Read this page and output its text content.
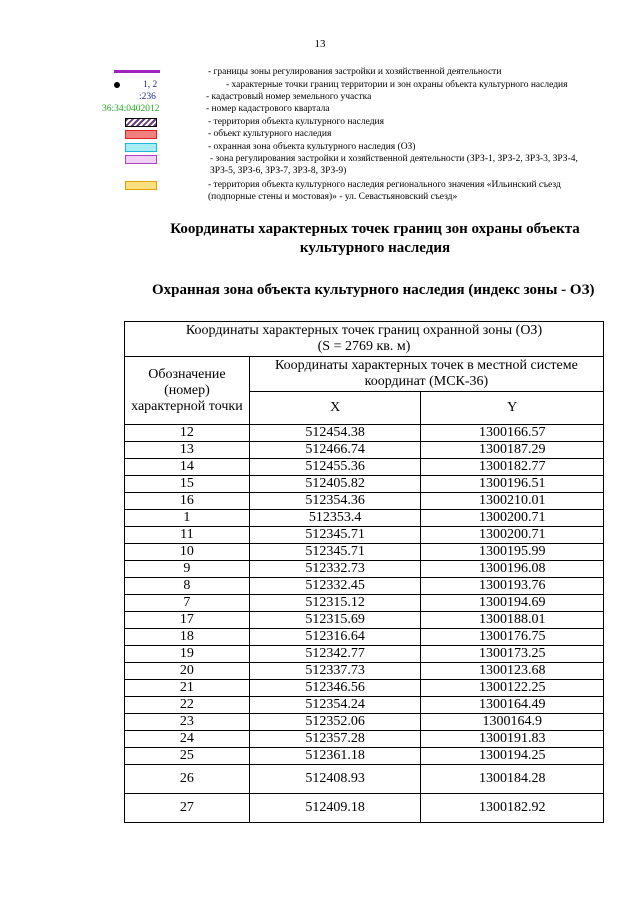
13
- границы зоны регулирования застройки и хозяйственной деятельности
1, 2	- характерные точки границ территории и зон охраны объекта культурного наследия
:236	- кадастровый номер земельного участка
36:34:0402012	- номер кадастрового квартала
- территория объекта культурного наследия
- объект культурного наследия
- охранная зона объекта культурного наследия (ОЗ)
- зона регулирования застройки и хозяйственной деятельности (ЗРЗ-1, ЗРЗ-2, ЗРЗ-3, ЗРЗ-4, ЗРЗ-5, ЗРЗ-6, ЗРЗ-7, ЗРЗ-8, ЗРЗ-9)
- территория объекта культурного наследия регионального значения «Ильинский съезд (подпорные стены и мостовая)» - ул. Севастьяновский съезд»
Координаты характерных точек границ зон охраны объекта культурного наследия
Охранная зона объекта культурного наследия (индекс зоны - ОЗ)
Координаты характерных точек границ охранной зоны (ОЗ)
(S = 2769 кв. м)		

Обозначение (номер) характерной точки	Координаты характерных точек в местной системе координат (МСК-36)	
	X	Y
12	512454.38	1300166.57
13	512466.74	1300187.29
14	512455.36	1300182.77
15	512405.82	1300196.51
16	512354.36	1300210.01
1	512353.4	1300200.71
11	512345.71	1300200.71
10	512345.71	1300195.99
9	512332.73	1300196.08
8	512332.45	1300193.76
7	512315.12	1300194.69
17	512315.69	1300188.01
18	512316.64	1300176.75
19	512342.77	1300173.25
20	512337.73	1300123.68
21	512346.56	1300122.25
22	512354.24	1300164.49
23	512352.06	1300164.9
24	512357.28	1300191.83
25	512361.18	1300194.25
26	512408.93	1300184.28
27	512409.18	1300182.92
